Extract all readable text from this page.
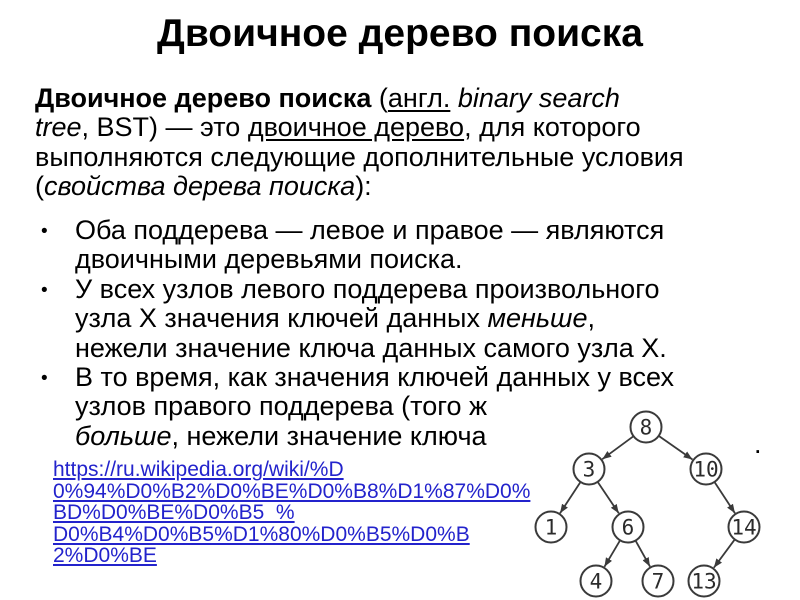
Двоичное дерево поиска
Двоичное дерево поиска (англ. binary search
tree, BST) — это двоичное дерево, для которого
выполняются следующие дополнительные условия
(свойства дерева поиска):
• Оба поддерева — левое и правое — являются
двоичными деревьями поиска.
• У всех узлов левого поддерева произвольного
узла X значения ключей данных меньше,
нежели значение ключа данных самого узла X.
• В то время, как значения ключей данных у всех
узлов правого поддерева (того ж
больше, нежели значение ключа	.
https://ru.wikipedia.org/wiki/%D
0%94%D0%B2%D0%BE%D0%B8%D1%87%D0%
BD%D0%BE%D0%B5_%
D0%B4%D0%B5%D1%80%D0%B5%D0%B
2%D0%BE
8
3	10
1	6	14
4 7 13
